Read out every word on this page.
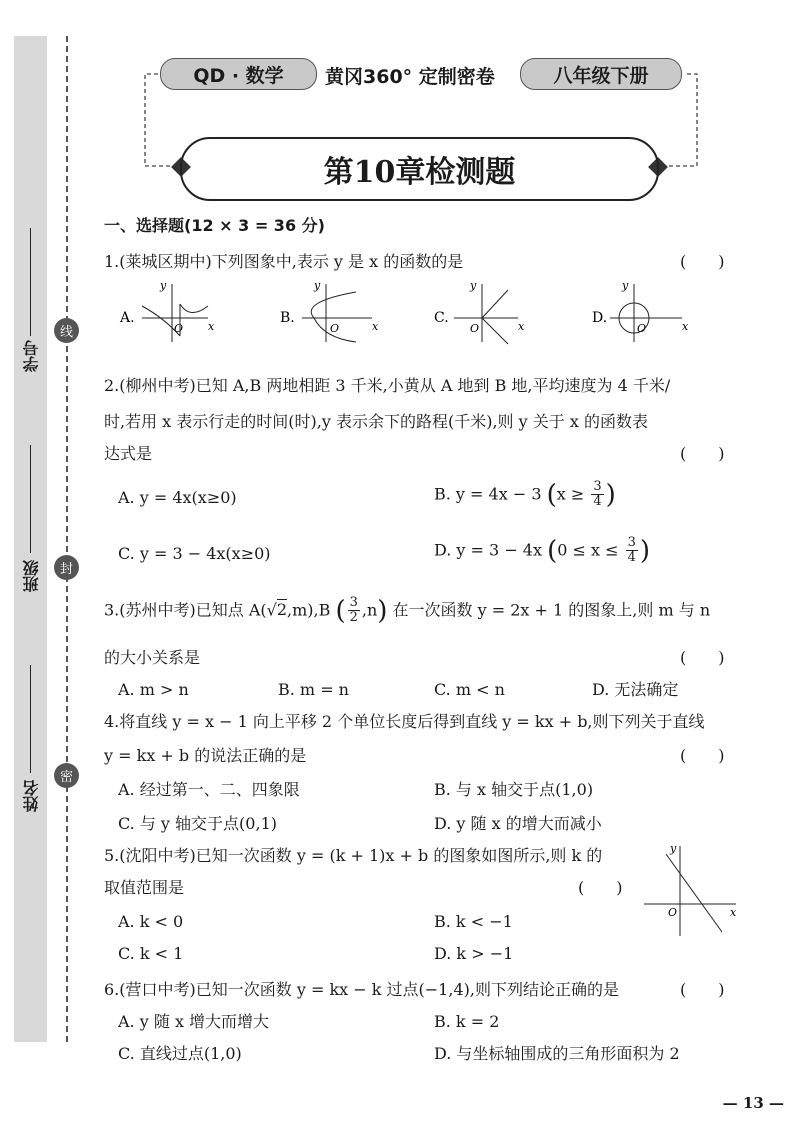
学号
班级
姓名
线
封
密
QD · 数学	黄冈360° 定制密卷	八年级下册
第10章检测题
一、选择题(12 × 3 = 36 分)
1.(莱城区期中)下列图象中,表示 y 是 x 的函数的是	(　　)
A.
x
y
O
B.
x
y
O
C.
x
y
O
D.
x
y
O
2.(柳州中考)已知 A,B 两地相距 3 千米,小黄从 A 地到 B 地,平均速度为 4 千米/
时,若用 x 表示行走的时间(时),y 表示余下的路程(千米),则 y 关于 x 的函数表
达式是	(　　)
A. y = 4x(x≥0)	B. y = 4x − 3 ($x \ge \frac{3}{4}$ )
C. y = 3 − 4x(x≥0)	D. y = 3 − 4x ($0 \le x \le \frac{3}{4}$ )
3.(苏州中考)已知点 A(√2,m),B ( $\frac{3}{2} ,n$) 在一次函数 y = 2x + 1 的图象上,则 m 与 n
的大小关系是	(　　)
A. m > n	B. m = n	C. m < n	D. 无法确定
4.将直线 y = x − 1 向上平移 2 个单位长度后得到直线 y = kx + b,则下列关于直线
y = kx + b 的说法正确的是	(　　)
A. 经过第一、二、四象限	B. 与 x 轴交于点(1,0)
C. 与 y 轴交于点(0,1)	D. y 随 x 的增大而减小
5.(沈阳中考)已知一次函数 y = (k + 1)x + b 的图象如图所示,则 k 的
取值范围是	(　　)
A. k < 0	B. k < −1
C. k < 1	D. k > −1
x
y
O
6.(营口中考)已知一次函数 y = kx − k 过点(−1,4),则下列结论正确的是	(　　)
A. y 随 x 增大而增大	B. k = 2
C. 直线过点(1,0)	D. 与坐标轴围成的三角形面积为 2
— 13 —
